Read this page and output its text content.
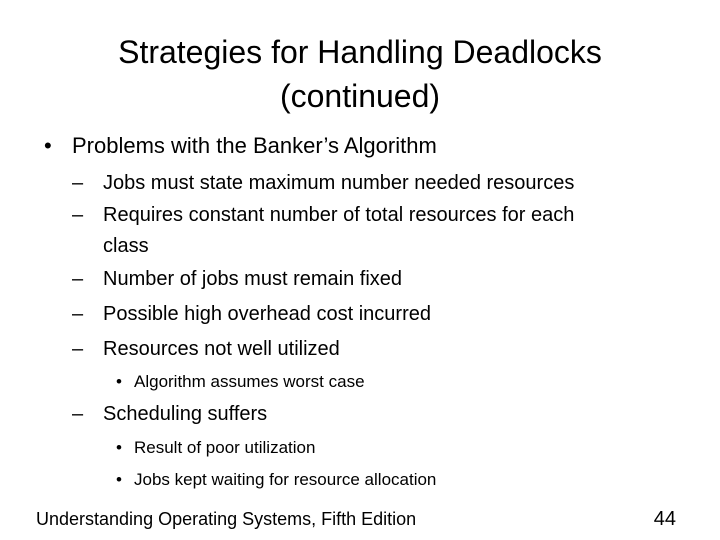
Strategies for Handling Deadlocks
(continued)
• Problems with the Banker’s Algorithm
– Jobs must state maximum number needed resources
– Requires constant number of total resources for each
class
– Number of jobs must remain fixed
– Possible high overhead cost incurred
– Resources not well utilized
• Algorithm assumes worst case
– Scheduling suffers
• Result of poor utilization
• Jobs kept waiting for resource allocation
Understanding Operating Systems, Fifth Edition	44
